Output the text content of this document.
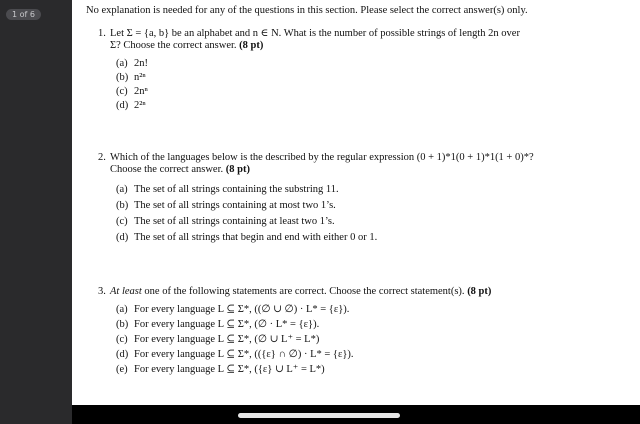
1 of 6	No explanation is needed for any of the questions in this section. Please select the correct answer(s) only.
1. Let Σ = {a, b} be an alphabet and n ∈ N. What is the number of possible strings of length 2n over
Σ? Choose the correct answer. (8 pt)
(a) 2n!
(b) n²ⁿ
(c) 2nⁿ
(d) 2²ⁿ
2. Which of the languages below is the described by the regular expression (0 + 1)*1(0 + 1)*1(1 + 0)*?
Choose the correct answer. (8 pt)
(a) The set of all strings containing the substring 11.
(b) The set of all strings containing at most two 1’s.
(c) The set of all strings containing at least two 1’s.
(d) The set of all strings that begin and end with either 0 or 1.
3. At least one of the following statements are correct. Choose the correct statement(s). (8 pt)
(a) For every language L ⊆ Σ*, ((∅ ∪ ∅) · L* = {ε}).
(b) For every language L ⊆ Σ*, (∅ · L* = {ε}).
(c) For every language L ⊆ Σ*, (∅ ∪ L⁺ = L*)
(d) For every language L ⊆ Σ*, (({ε} ∩ ∅) · L* = {ε}).
(e) For every language L ⊆ Σ*, ({ε} ∪ L⁺ = L*)
